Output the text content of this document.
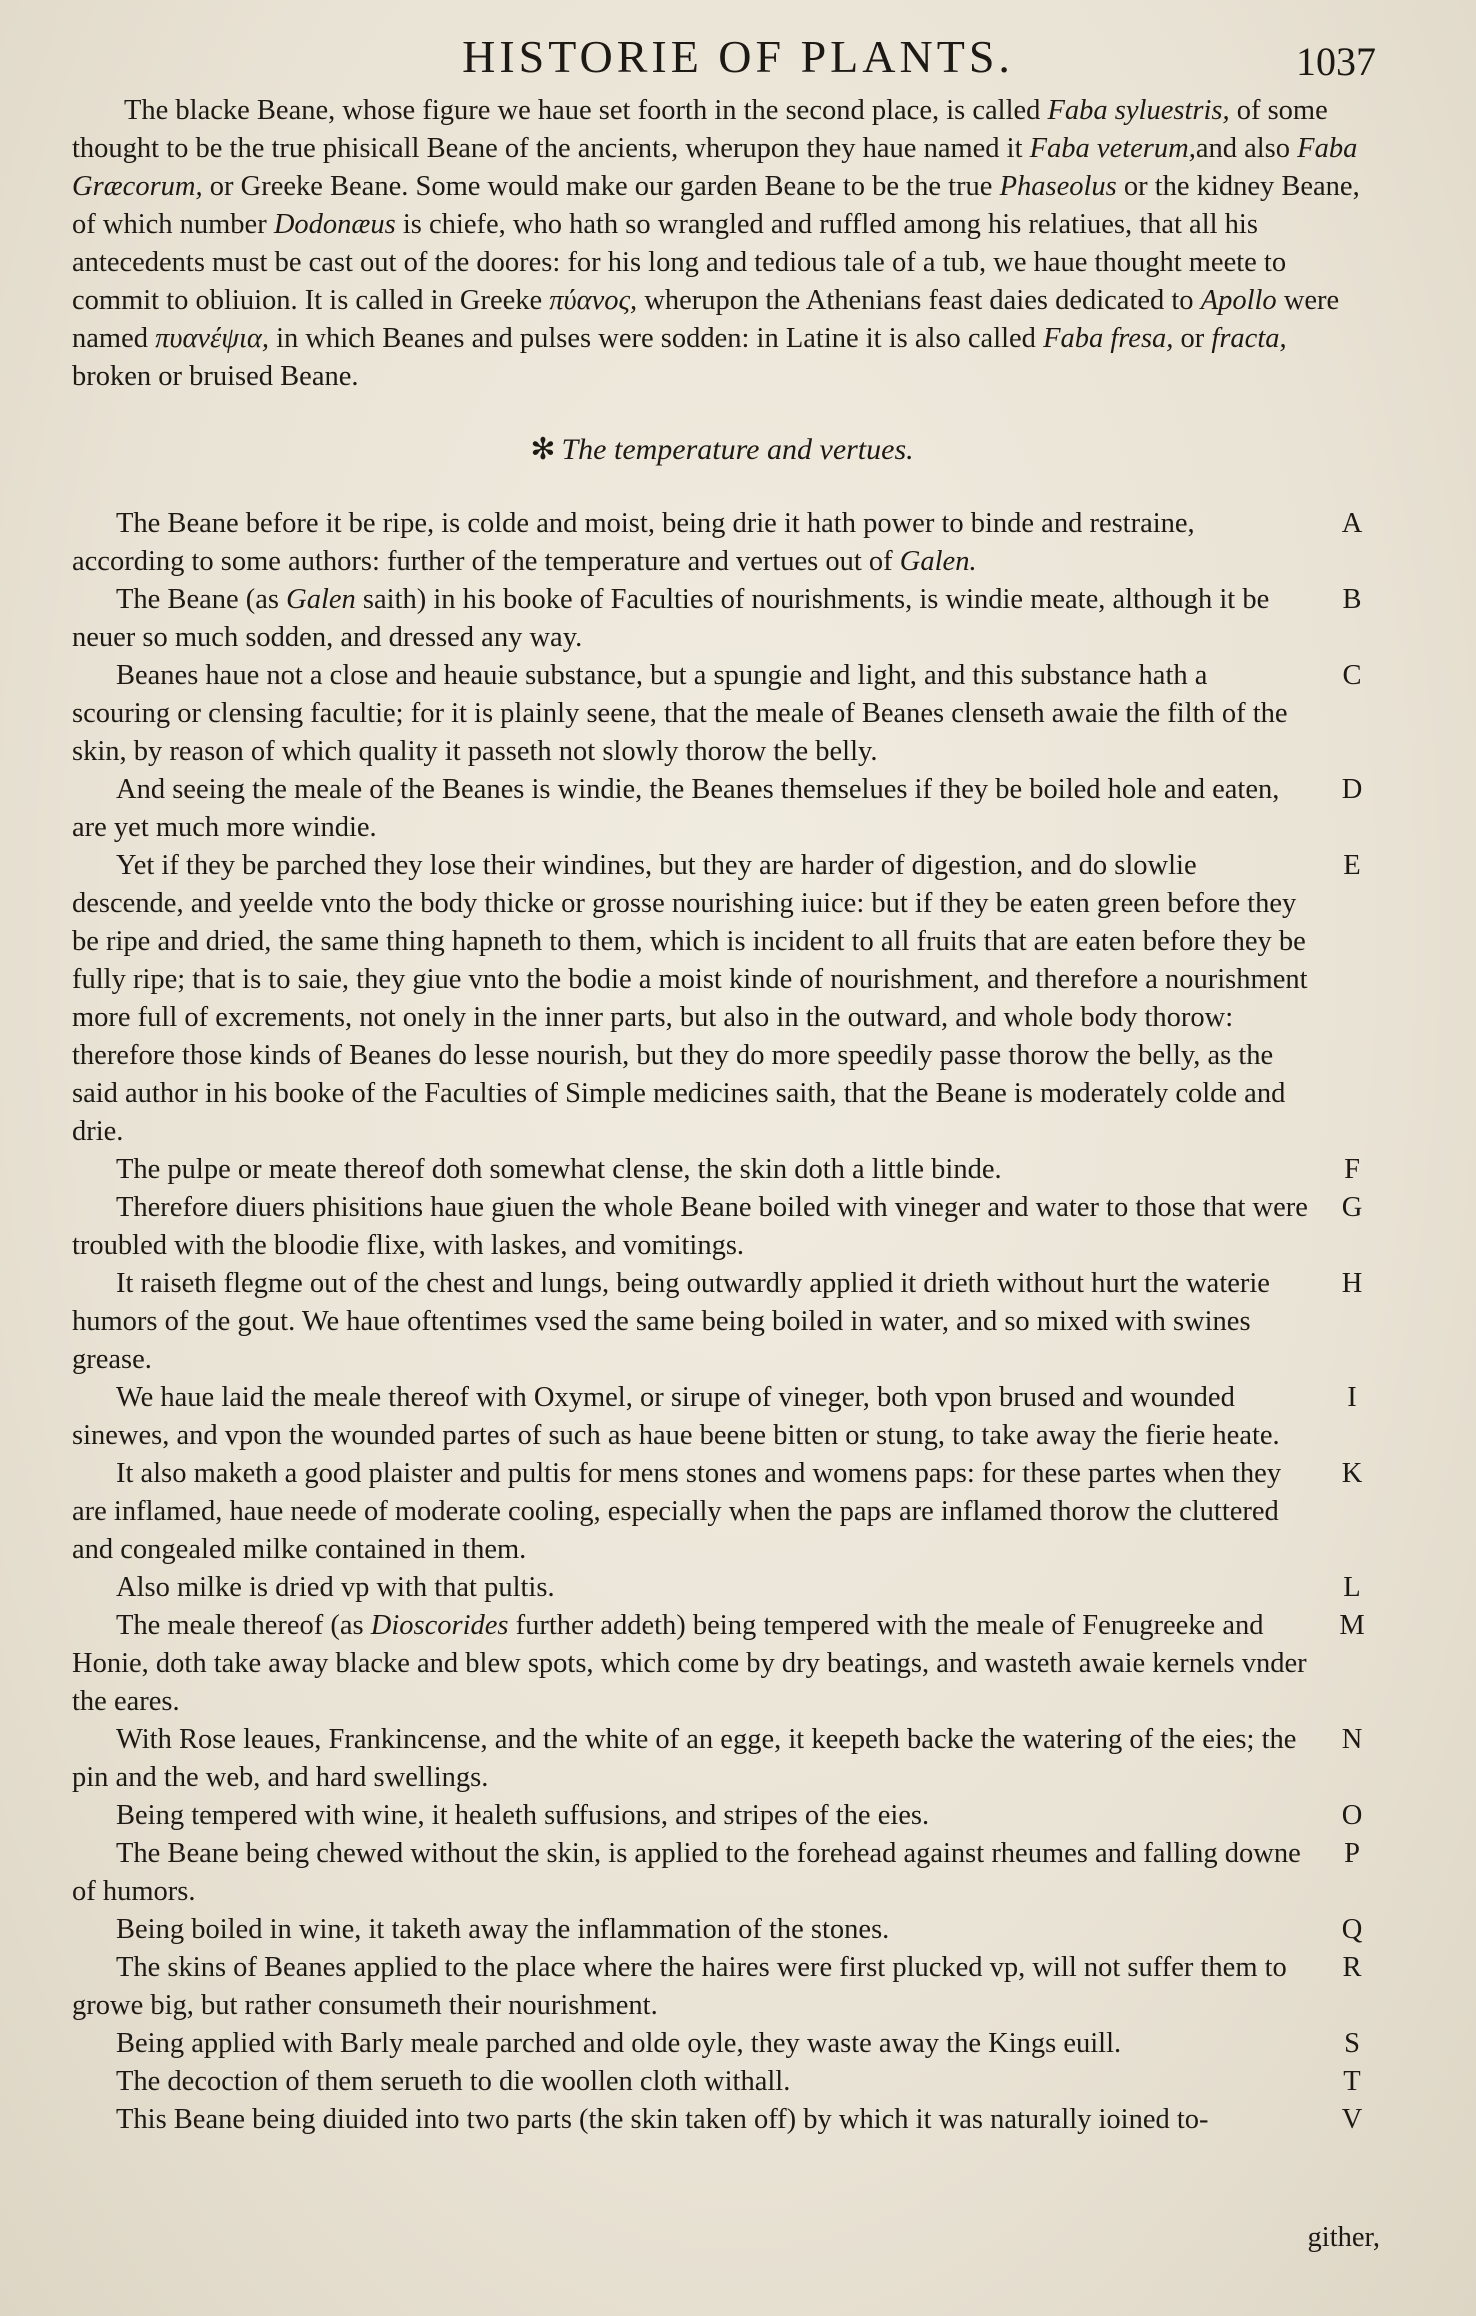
HISTORIE OF PLANTS.	1037

The blacke Beane, whose figure we haue set foorth in the second place, is called Faba syluestris, of some thought to be the true phisicall Beane of the ancients, wherupon they haue named it Faba veterum,and also Faba Græcorum, or Greeke Beane. Some would make our garden Beane to be the true Phaseolus or the kidney Beane, of which number Dodonæus is chiefe, who hath so wrangled and ruffled among his relatiues, that all his antecedents must be cast out of the doores: for his long and tedious tale of a tub, we haue thought meete to commit to obliuion. It is called in Greeke πύανος, wherupon the Athenians feast daies dedicated to Apollo were named πυανέψια, in which Beanes and pulses were sodden: in Latine it is also called Faba fresa, or fracta, broken or bruised Beane.

✻ The temperature and vertues.

The Beane before it be ripe, is colde and moist, being drie it hath power to binde and restraine, according to some authors: further of the temperature and vertues out of Galen.
A

The Beane (as Galen saith) in his booke of Faculties of nourishments, is windie meate, although it be neuer so much sodden, and dressed any way.
B

Beanes haue not a close and heauie substance, but a spungie and light, and this substance hath a scouring or clensing facultie; for it is plainly seene, that the meale of Beanes clenseth awaie the filth of the skin, by reason of which quality it passeth not slowly thorow the belly.
C

And seeing the meale of the Beanes is windie, the Beanes themselues if they be boiled hole and eaten, are yet much more windie.
D

Yet if they be parched they lose their windines, but they are harder of digestion, and do slowlie descende, and yeelde vnto the body thicke or grosse nourishing iuice: but if they be eaten green before they be ripe and dried, the same thing hapneth to them, which is incident to all fruits that are eaten before they be fully ripe; that is to saie, they giue vnto the bodie a moist kinde of nourishment, and therefore a nourishment more full of excrements, not onely in the inner parts, but also in the outward, and whole body thorow: therefore those kinds of Beanes do lesse nourish, but they do more speedily passe thorow the belly, as the said author in his booke of the Faculties of Simple medicines saith, that the Beane is moderately colde and drie.
E

The pulpe or meate thereof doth somewhat clense, the skin doth a little binde.	F

Therefore diuers phisitions haue giuen the whole Beane boiled with vineger and water to those that were troubled with the bloodie flixe, with laskes, and vomitings.
G

It raiseth flegme out of the chest and lungs, being outwardly applied it drieth without hurt the waterie humors of the gout. We haue oftentimes vsed the same being boiled in water, and so mixed with swines grease.
H

We haue laid the meale thereof with Oxymel, or sirupe of vineger, both vpon brused and wounded sinewes, and vpon the wounded partes of such as haue beene bitten or stung, to take away the fierie heate.
I

It also maketh a good plaister and pultis for mens stones and womens paps: for these partes when they are inflamed, haue neede of moderate cooling, especially when the paps are inflamed thorow the cluttered and congealed milke contained in them.
K

Also milke is dried vp with that pultis.	L

The meale thereof (as Dioscorides further addeth) being tempered with the meale of Fenugreeke and Honie, doth take away blacke and blew spots, which come by dry beatings, and wasteth awaie kernels vnder the eares.
M

With Rose leaues, Frankincense, and the white of an egge, it keepeth backe the watering of the eies; the pin and the web, and hard swellings.
N

Being tempered with wine, it healeth suffusions, and stripes of the eies.	O

The Beane being chewed without the skin, is applied to the forehead against rheumes and falling downe of humors.
P

Being boiled in wine, it taketh away the inflammation of the stones.	Q

The skins of Beanes applied to the place where the haires were first plucked vp, will not suffer them to growe big, but rather consumeth their nourishment.
R

Being applied with Barly meale parched and olde oyle, they waste away the Kings euill.	S

The decoction of them serueth to die woollen cloth withall.	T

This Beane being diuided into two parts (the skin taken off) by which it was naturally ioined to-	V

gither,
